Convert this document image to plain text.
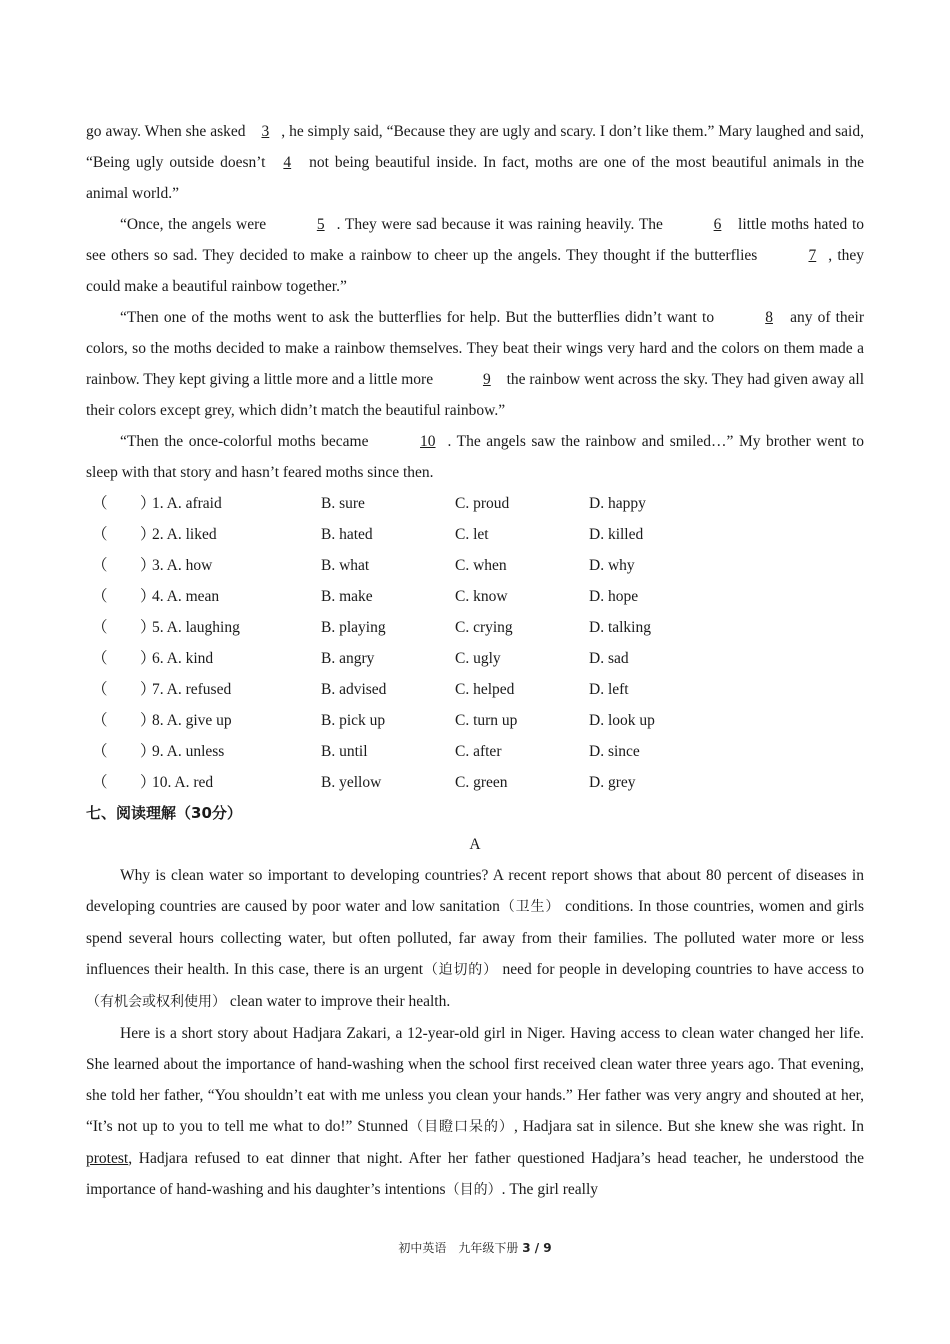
go away. When she asked 3 , he simply said, “Because they are ugly and scary. I don’t like them.” Mary laughed and said, “Being ugly outside doesn’t 4 not being beautiful inside. In fact, moths are one of the most beautiful animals in the animal world.”

“Once, the angels were	5 . They were sad because it was raining heavily. The	6 little moths hated to see others so sad. They decided to make a rainbow to cheer up the angels. They thought if the butterflies	7 , they could make a beautiful rainbow together.”

“Then one of the moths went to ask the butterflies for help. But the butterflies didn’t want to	8 any of their colors, so the moths decided to make a rainbow themselves. They beat their wings very hard and the colors on them made a rainbow. They kept giving a little more and a little more	9 the rainbow went across the sky. They had given away all their colors except grey, which didn’t match the beautiful rainbow.”

“Then the once-colorful moths became	10 . The angels saw the rainbow and smiled…” My brother went to sleep with that story and hasn’t feared moths since then.

（ ）
1. A. afraid	B. sure	C. proud	D. happy
（ ）
2. A. liked	B. hated	C. let	D. killed
（ ）
3. A. how	B. what	C. when	D. why
（ ）
4. A. mean	B. make	C. know	D. hope
（ ）
5. A. laughing	B. playing	C. crying	D. talking
（ ）
6. A. kind	B. angry	C. ugly	D. sad
（ ）
7. A. refused	B. advised	C. helped	D. left
（ ）
8. A. give up	B. pick up	C. turn up	D. look up
（ ）
9. A. unless	B. until	C. after	D. since
（ ）
10. A. red	B. yellow	C. green	D. grey
七、阅读理解（30分）
A

Why is clean water so important to developing countries? A recent report shows that about 80 percent of diseases in developing countries are caused by poor water and low sanitation（卫生） conditions. In those countries, women and girls spend several hours collecting water, but often polluted, far away from their families. The polluted water more or less influences their health. In this case, there is an urgent（迫切的） need for people in developing countries to have access to（有机会或权利使用） clean water to improve their health.

Here is a short story about Hadjara Zakari, a 12-year-old girl in Niger. Having access to clean water changed her life. She learned about the importance of hand-washing when the school first received clean water three years ago. That evening, she told her father, “You shouldn’t eat with me unless you clean your hands.” Her father was very angry and shouted at her, “It’s not up to you to tell me what to do!” Stunned（目瞪口呆的）, Hadjara sat in silence. But she knew she was right. In protest, Hadjara refused to eat dinner that night. After her father questioned Hadjara’s head teacher, he understood the importance of hand-washing and his daughter’s intentions（目的）. The girl really

初中英语　九年级下册 3 / 9
